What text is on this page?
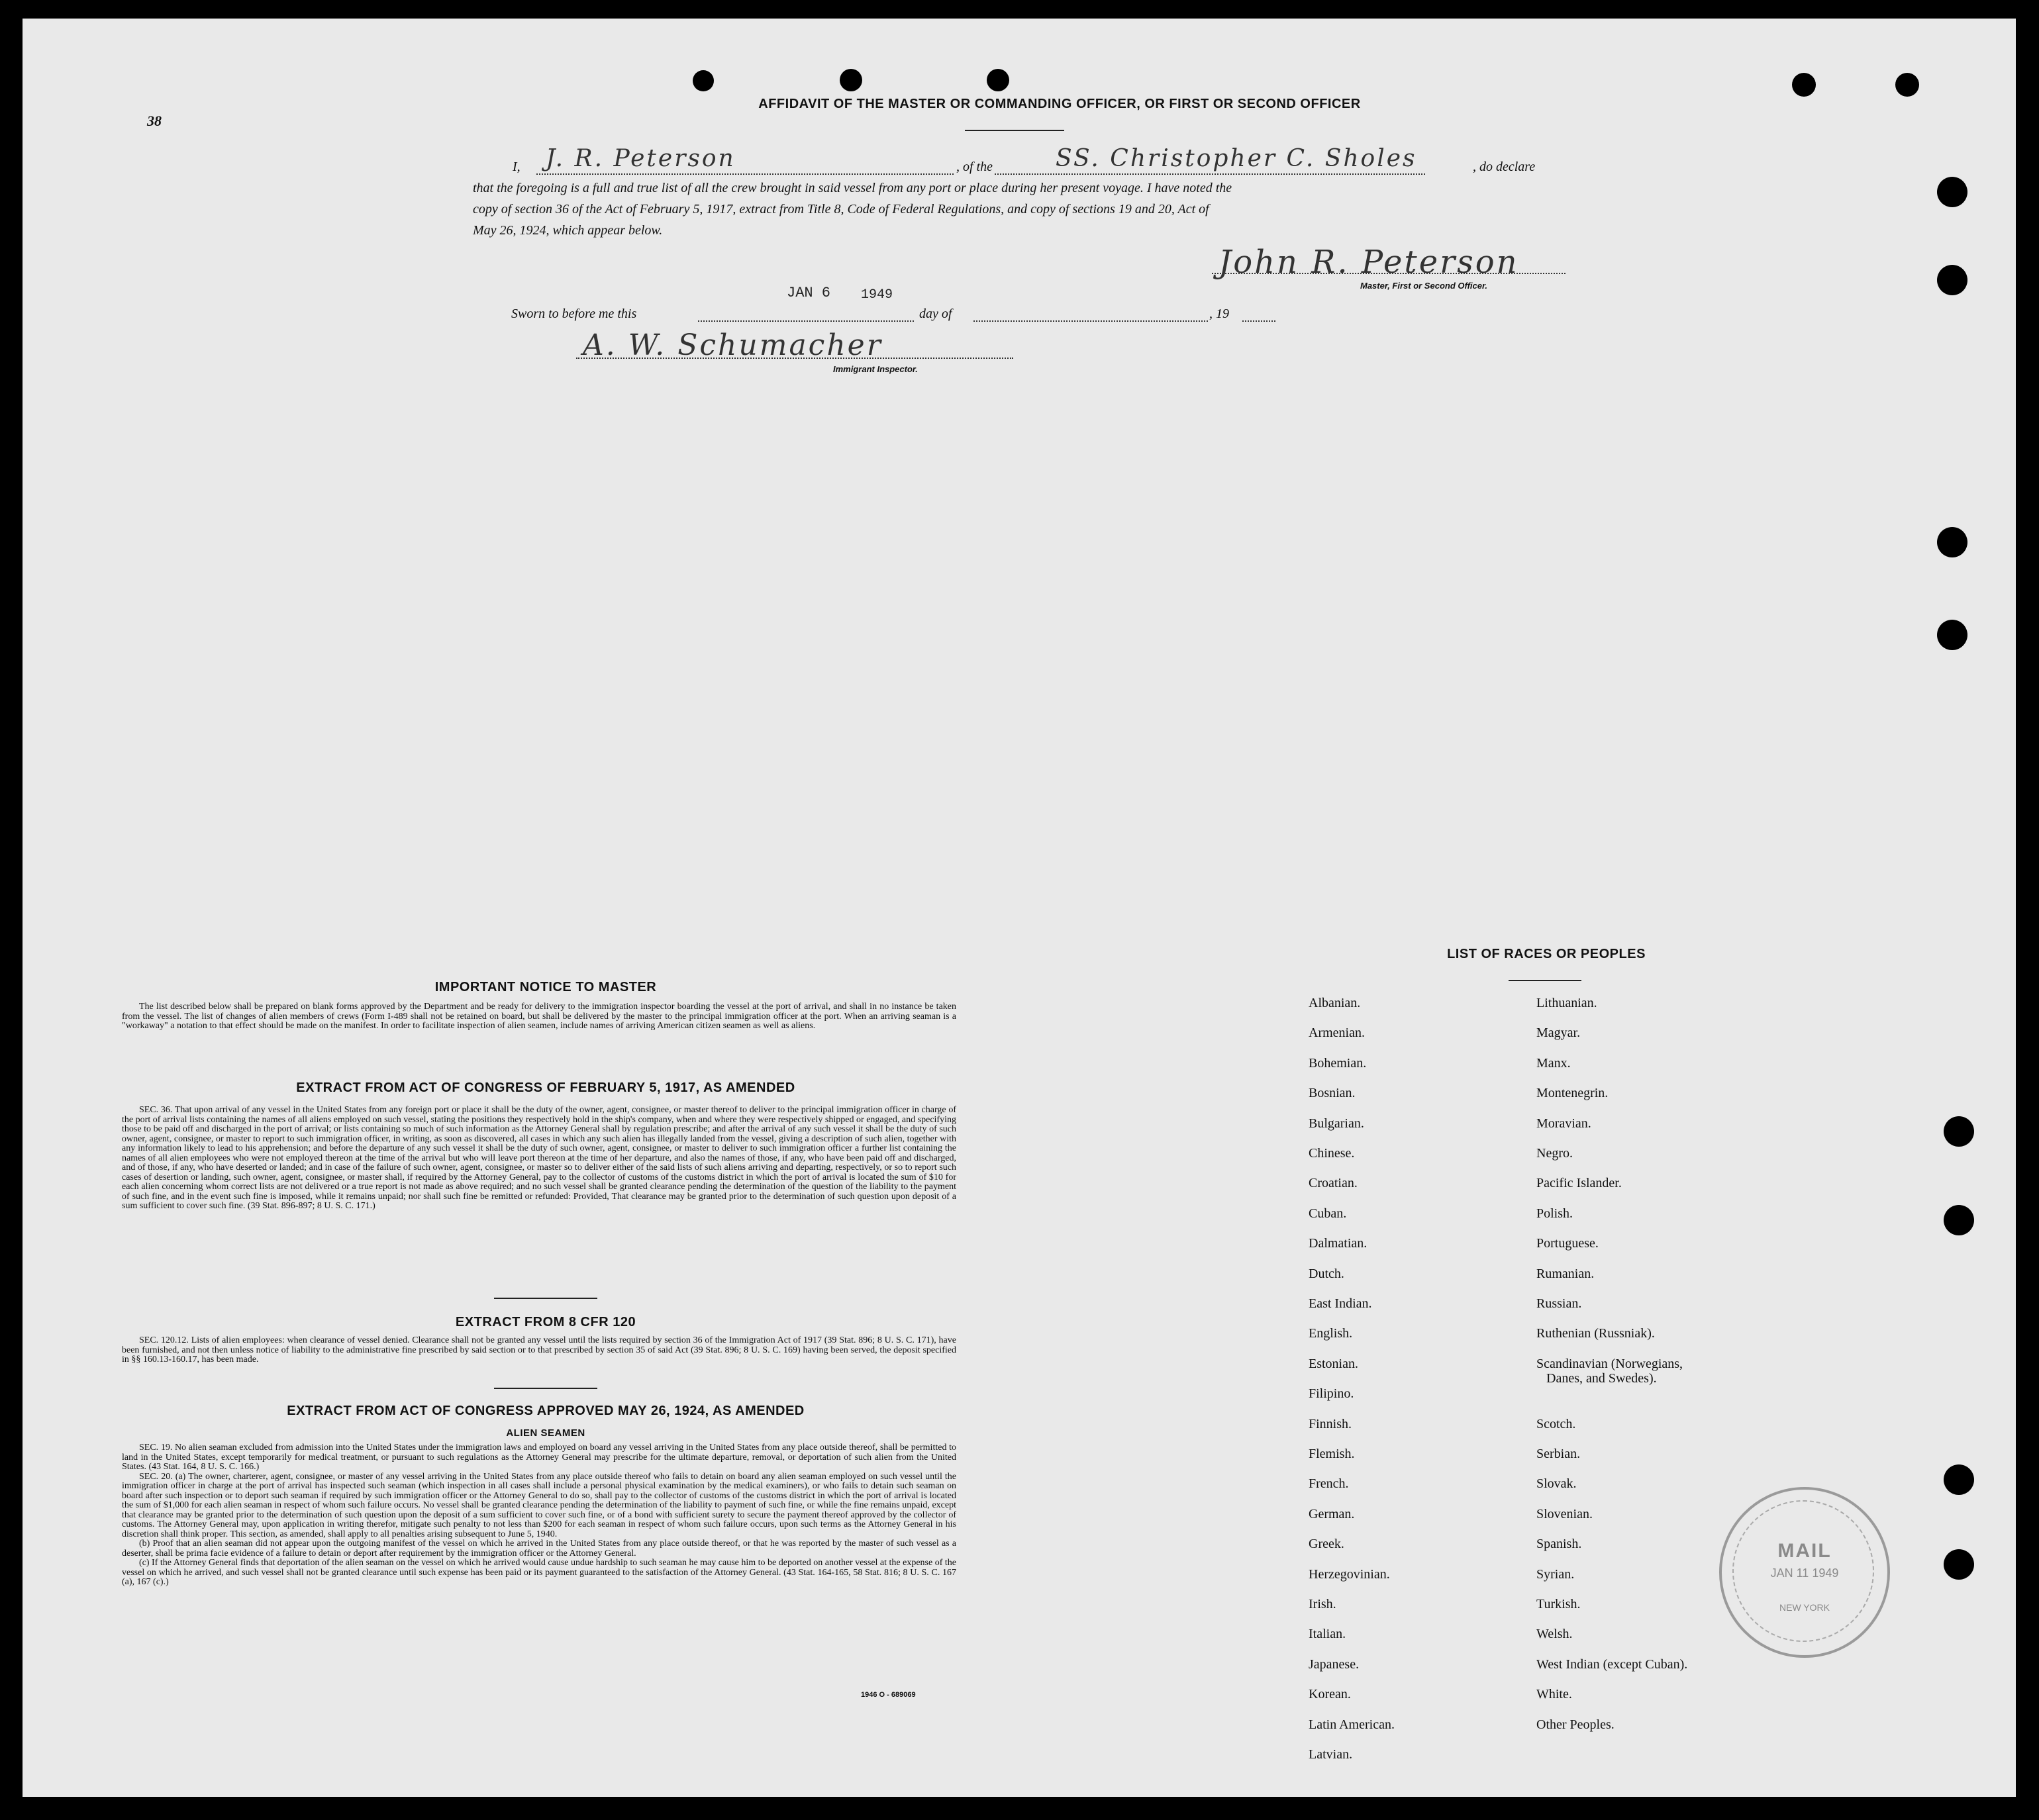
38
AFFIDAVIT OF THE MASTER OR COMMANDING OFFICER, OR FIRST OR SECOND OFFICER
I, J. R. Peterson	, of the	SS. Christopher C. Sholes	, do declare
that the foregoing is a full and true list of all the crew brought in said vessel from any port or place during her present voyage. I have noted the
copy of section 36 of the Act of February 5, 1917, extract from Title 8, Code of Federal Regulations, and copy of sections 19 and 20, Act of
May 26, 1924, which appear below.
John R. Peterson
Master, First or Second Officer.
Sworn to before me this
JAN 6 1949
day of	, 19
A. W. Schumacher
Immigrant Inspector.
IMPORTANT NOTICE TO MASTER

The list described below shall be prepared on blank forms approved by the Department and be ready for delivery to the immigration inspector boarding the vessel at the port of arrival, and shall in no instance be taken from the vessel. The list of changes of alien members of crews (Form I-489 shall not be retained on board, but shall be delivered by the master to the principal immigration officer at the port. When an arriving seaman is a "workaway" a notation to that effect should be made on the manifest. In order to facilitate inspection of alien seamen, include names of arriving American citizen seamen as well as aliens.

EXTRACT FROM ACT OF CONGRESS OF FEBRUARY 5, 1917, AS AMENDED

SEC. 36. That upon arrival of any vessel in the United States from any foreign port or place it shall be the duty of the owner, agent, consignee, or master thereof to deliver to the principal immigration officer in charge of the port of arrival lists containing the names of all aliens employed on such vessel, stating the positions they respectively hold in the ship's company, when and where they were respectively shipped or engaged, and specifying those to be paid off and discharged in the port of arrival; or lists containing so much of such information as the Attorney General shall by regulation prescribe; and after the arrival of any such vessel it shall be the duty of such owner, agent, consignee, or master to report to such immigration officer, in writing, as soon as discovered, all cases in which any such alien has illegally landed from the vessel, giving a description of such alien, together with any information likely to lead to his apprehension; and before the departure of any such vessel it shall be the duty of such owner, agent, consignee, or master to deliver to such immigration officer a further list containing the names of all alien employees who were not employed thereon at the time of the arrival but who will leave port thereon at the time of her departure, and also the names of those, if any, who have been paid off and discharged, and of those, if any, who have deserted or landed; and in case of the failure of such owner, agent, consignee, or master so to deliver either of the said lists of such aliens arriving and departing, respectively, or so to report such cases of desertion or landing, such owner, agent, consignee, or master shall, if required by the Attorney General, pay to the collector of customs of the customs district in which the port of arrival is located the sum of $10 for each alien concerning whom correct lists are not delivered or a true report is not made as above required; and no such vessel shall be granted clearance pending the determination of the question of the liability to the payment of such fine, and in the event such fine is imposed, while it remains unpaid; nor shall such fine be remitted or refunded: Provided, That clearance may be granted prior to the determination of such question upon deposit of a sum sufficient to cover such fine. (39 Stat. 896-897; 8 U. S. C. 171.)

EXTRACT FROM 8 CFR 120

SEC. 120.12. Lists of alien employees: when clearance of vessel denied. Clearance shall not be granted any vessel until the lists required by section 36 of the Immigration Act of 1917 (39 Stat. 896; 8 U. S. C. 171), have been furnished, and not then unless notice of liability to the administrative fine prescribed by said section or to that prescribed by section 35 of said Act (39 Stat. 896; 8 U. S. C. 169) having been served, the deposit specified in §§ 160.13-160.17, has been made.

EXTRACT FROM ACT OF CONGRESS APPROVED MAY 26, 1924, AS AMENDED
ALIEN SEAMEN

SEC. 19. No alien seaman excluded from admission into the United States under the immigration laws and employed on board any vessel arriving in the United States from any place outside thereof, shall be permitted to land in the United States, except temporarily for medical treatment, or pursuant to such regulations as the Attorney General may prescribe for the ultimate departure, removal, or deportation of such alien from the United States. (43 Stat. 164, 8 U. S. C. 166.)

SEC. 20. (a) The owner, charterer, agent, consignee, or master of any vessel arriving in the United States from any place outside thereof who fails to detain on board any alien seaman employed on such vessel until the immigration officer in charge at the port of arrival has inspected such seaman (which inspection in all cases shall include a personal physical examination by the medical examiners), or who fails to detain such seaman on board after such inspection or to deport such seaman if required by such immigration officer or the Attorney General to do so, shall pay to the collector of customs of the customs district in which the port of arrival is located the sum of $1,000 for each alien seaman in respect of whom such failure occurs. No vessel shall be granted clearance pending the determination of the liability to payment of such fine, or while the fine remains unpaid, except that clearance may be granted prior to the determination of such question upon the deposit of a sum sufficient to cover such fine, or of a bond with sufficient surety to secure the payment thereof approved by the collector of customs. The Attorney General may, upon application in writing therefor, mitigate such penalty to not less than $200 for each seaman in respect of whom such failure occurs, upon such terms as the Attorney General in his discretion shall think proper. This section, as amended, shall apply to all penalties arising subsequent to June 5, 1940.

(b) Proof that an alien seaman did not appear upon the outgoing manifest of the vessel on which he arrived in the United States from any place outside thereof, or that he was reported by the master of such vessel as a deserter, shall be prima facie evidence of a failure to detain or deport after requirement by the immigration officer or the Attorney General.

(c) If the Attorney General finds that deportation of the alien seaman on the vessel on which he arrived would cause undue hardship to such seaman he may cause him to be deported on another vessel at the expense of the vessel on which he arrived, and such vessel shall not be granted clearance until such expense has been paid or its payment guaranteed to the satisfaction of the Attorney General. (43 Stat. 164-165, 58 Stat. 816; 8 U. S. C. 167 (a), 167 (c).)

1946 O - 689069
LIST OF RACES OR PEOPLES
Albanian.
Armenian.
Bohemian.
Bosnian.
Bulgarian.
Chinese.
Croatian.
Cuban.
Dalmatian.
Dutch.
East Indian.
English.
Estonian.
Filipino.
Finnish.
Flemish.
French.
German.
Greek.
Herzegovinian.
Irish.
Italian.
Japanese.
Korean.
Latin American.
Latvian.
Lithuanian.
Magyar.
Manx.
Montenegrin.
Moravian.
Negro.
Pacific Islander.
Polish.
Portuguese.
Rumanian.
Russian.
Ruthenian (Russniak).
Scandinavian (Norwegians,
Danes, and Swedes).
Scotch.
Serbian.
Slovak.
Slovenian.
Spanish.
Syrian.
Turkish.
Welsh.
West Indian (except Cuban).
White.
Other Peoples.
MAIL
JAN 11 1949
NEW YORK
